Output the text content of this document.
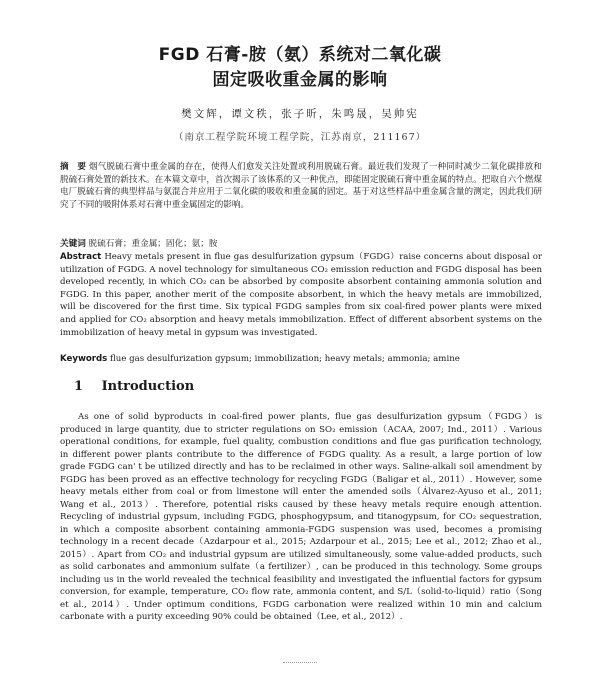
FGD 石膏-胺（氨）系统对二氧化碳
固定吸收重金属的影响
樊文辉，谭文秩，张子昕，朱鸣晟，吴帅宪
（南京工程学院环境工程学院，江苏南京，211167）
摘　要 烟气脱硫石膏中重金属的存在，使得人们愈发关注处置或利用脱硫石膏。最近我们发现了一种同时减少二氧化碳排放和脱硫石膏处置的新技术。在本篇文章中，首次揭示了该体系的又一种优点，即能固定脱硫石膏中重金属的特点。把取自六个燃煤电厂脱硫石膏的典型样品与氨混合并应用于二氧化碳的吸收和重金属的固定。基于对这些样品中重金属含量的测定，因此我们研究了不同的吸附体系对石膏中重金属固定的影响。
关键词 脱硫石膏；重金属；固化；氨；胺
Abstract Heavy metals present in flue gas desulfurization gypsum（FGDG）raise concerns about disposal or utilization of FGDG. A novel technology for simultaneous CO₂ emission reduction and FGDG disposal has been developed recently, in which CO₂ can be absorbed by composite absorbent containing ammonia solution and FGDG. In this paper, another merit of the composite absorbent, in which the heavy metals are immobilized, will be discovered for the first time. Six typical FGDG samples from six coal-fired power plants were mixed and applied for CO₂ absorption and heavy metals immobilization. Effect of different absorbent systems on the immobilization of heavy metal in gypsum was investigated.
Keywords flue gas desulfurization gypsum; immobilization; heavy metals; ammonia; amine
1 Introduction
As one of solid byproducts in coal-fired power plants, flue gas desulfurization gypsum（FGDG）is produced in large quantity, due to stricter regulations on SO₂ emission（ACAA, 2007; Ind., 2011）. Various operational conditions, for example, fuel quality, combustion conditions and flue gas purification technology, in different power plants contribute to the difference of FGDG quality. As a result, a large portion of low grade FGDG can' t be utilized directly and has to be reclaimed in other ways. Saline-alkali soil amendment by FGDG has been proved as an effective technology for recycling FGDG（Baligar et al., 2011）. However, some heavy metals either from coal or from limestone will enter the amended soils（Álvarez-Ayuso et al., 2011; Wang et al., 2013）. Therefore, potential risks caused by these heavy metals require enough attention. Recycling of industrial gypsum, including FGDG, phosphogypsum, and titanogypsum, for CO₂ sequestration, in which a composite absorbent containing ammonia-FGDG suspension was used, becomes a promising technology in a recent decade（Azdarpour et al., 2015; Azdarpour et al., 2015; Lee et al., 2012; Zhao et al., 2015）. Apart from CO₂ and industrial gypsum are utilized simultaneously, some value-added products, such as solid carbonates and ammonium sulfate（a fertilizer）, can be produced in this technology. Some groups including us in the world revealed the technical feasibility and investigated the influential factors for gypsum conversion, for example, temperature, CO₂ flow rate, ammonia content, and S/L（solid-to-liquid）ratio（Song et al., 2014）. Under optimum conditions, FGDG carbonation were realized within 10 min and calcium carbonate with a purity exceeding 90% could be obtained（Lee, et al., 2012）.
